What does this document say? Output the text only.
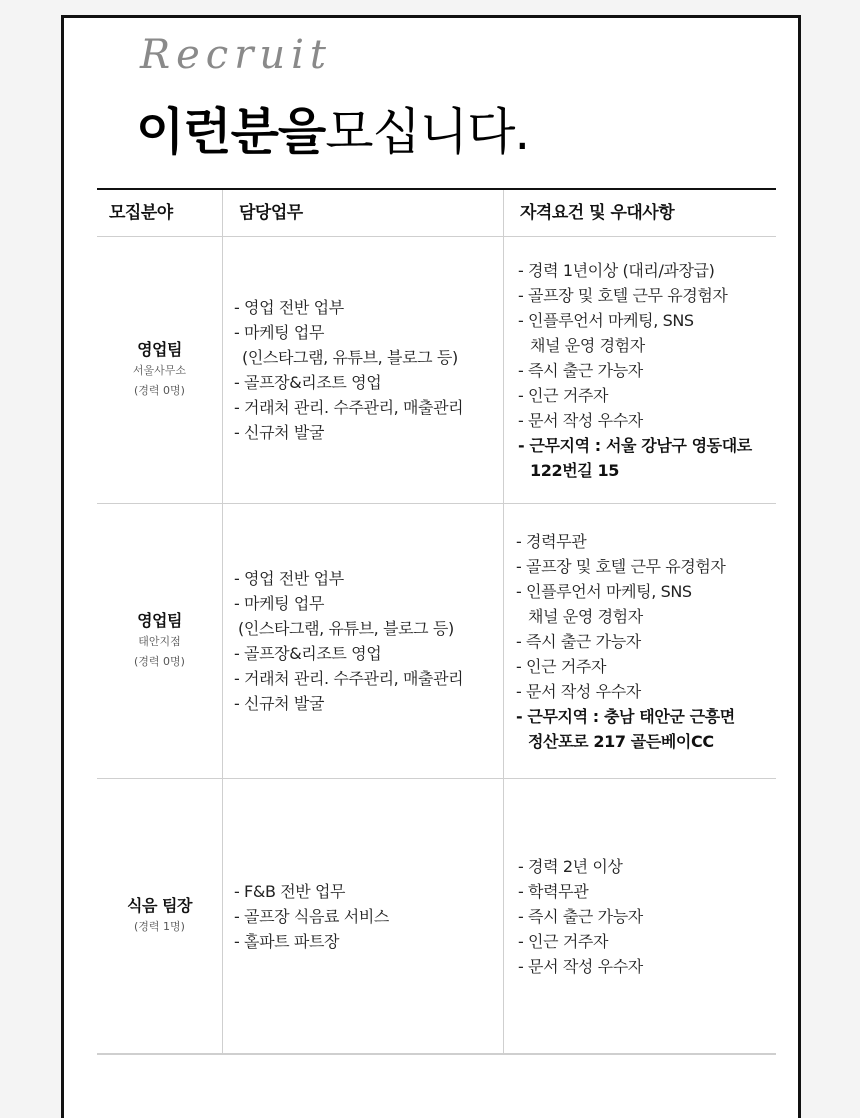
Recruit
이런분을모십니다.
모집분야	담당업무	자격요건 및 우대사항
영업팀
서울사무소
(경력 0명)
- 영업 전반 업부
- 마케팅 업무
(인스타그램, 유튜브, 블로그 등)
- 골프장&리조트 영업
- 거래처 관리. 수주관리, 매출관리
- 신규처 발굴
- 경력 1년이상 (대리/과장급)
- 골프장 및 호텔 근무 유경험자
- 인플루언서 마케팅, SNS
채널 운영 경험자
- 즉시 출근 가능자
- 인근 거주자
- 문서 작성 우수자
- 근무지역 : 서울 강남구 영동대로
122번길 15
영업팀
태안지점
(경력 0명)
- 영업 전반 업부
- 마케팅 업무
(인스타그램, 유튜브, 블로그 등)
- 골프장&리조트 영업
- 거래처 관리. 수주관리, 매출관리
- 신규처 발굴
- 경력무관
- 골프장 및 호텔 근무 유경험자
- 인플루언서 마케팅, SNS
채널 운영 경험자
- 즉시 출근 가능자
- 인근 거주자
- 문서 작성 우수자
- 근무지역 : 충남 태안군 근흥면
정산포로 217 골든베이CC
식음 팀장
(경력 1명)
- F&B 전반 업무
- 골프장 식음료 서비스
- 홀파트 파트장
- 경력 2년 이상
- 학력무관
- 즉시 출근 가능자
- 인근 거주자
- 문서 작성 우수자
